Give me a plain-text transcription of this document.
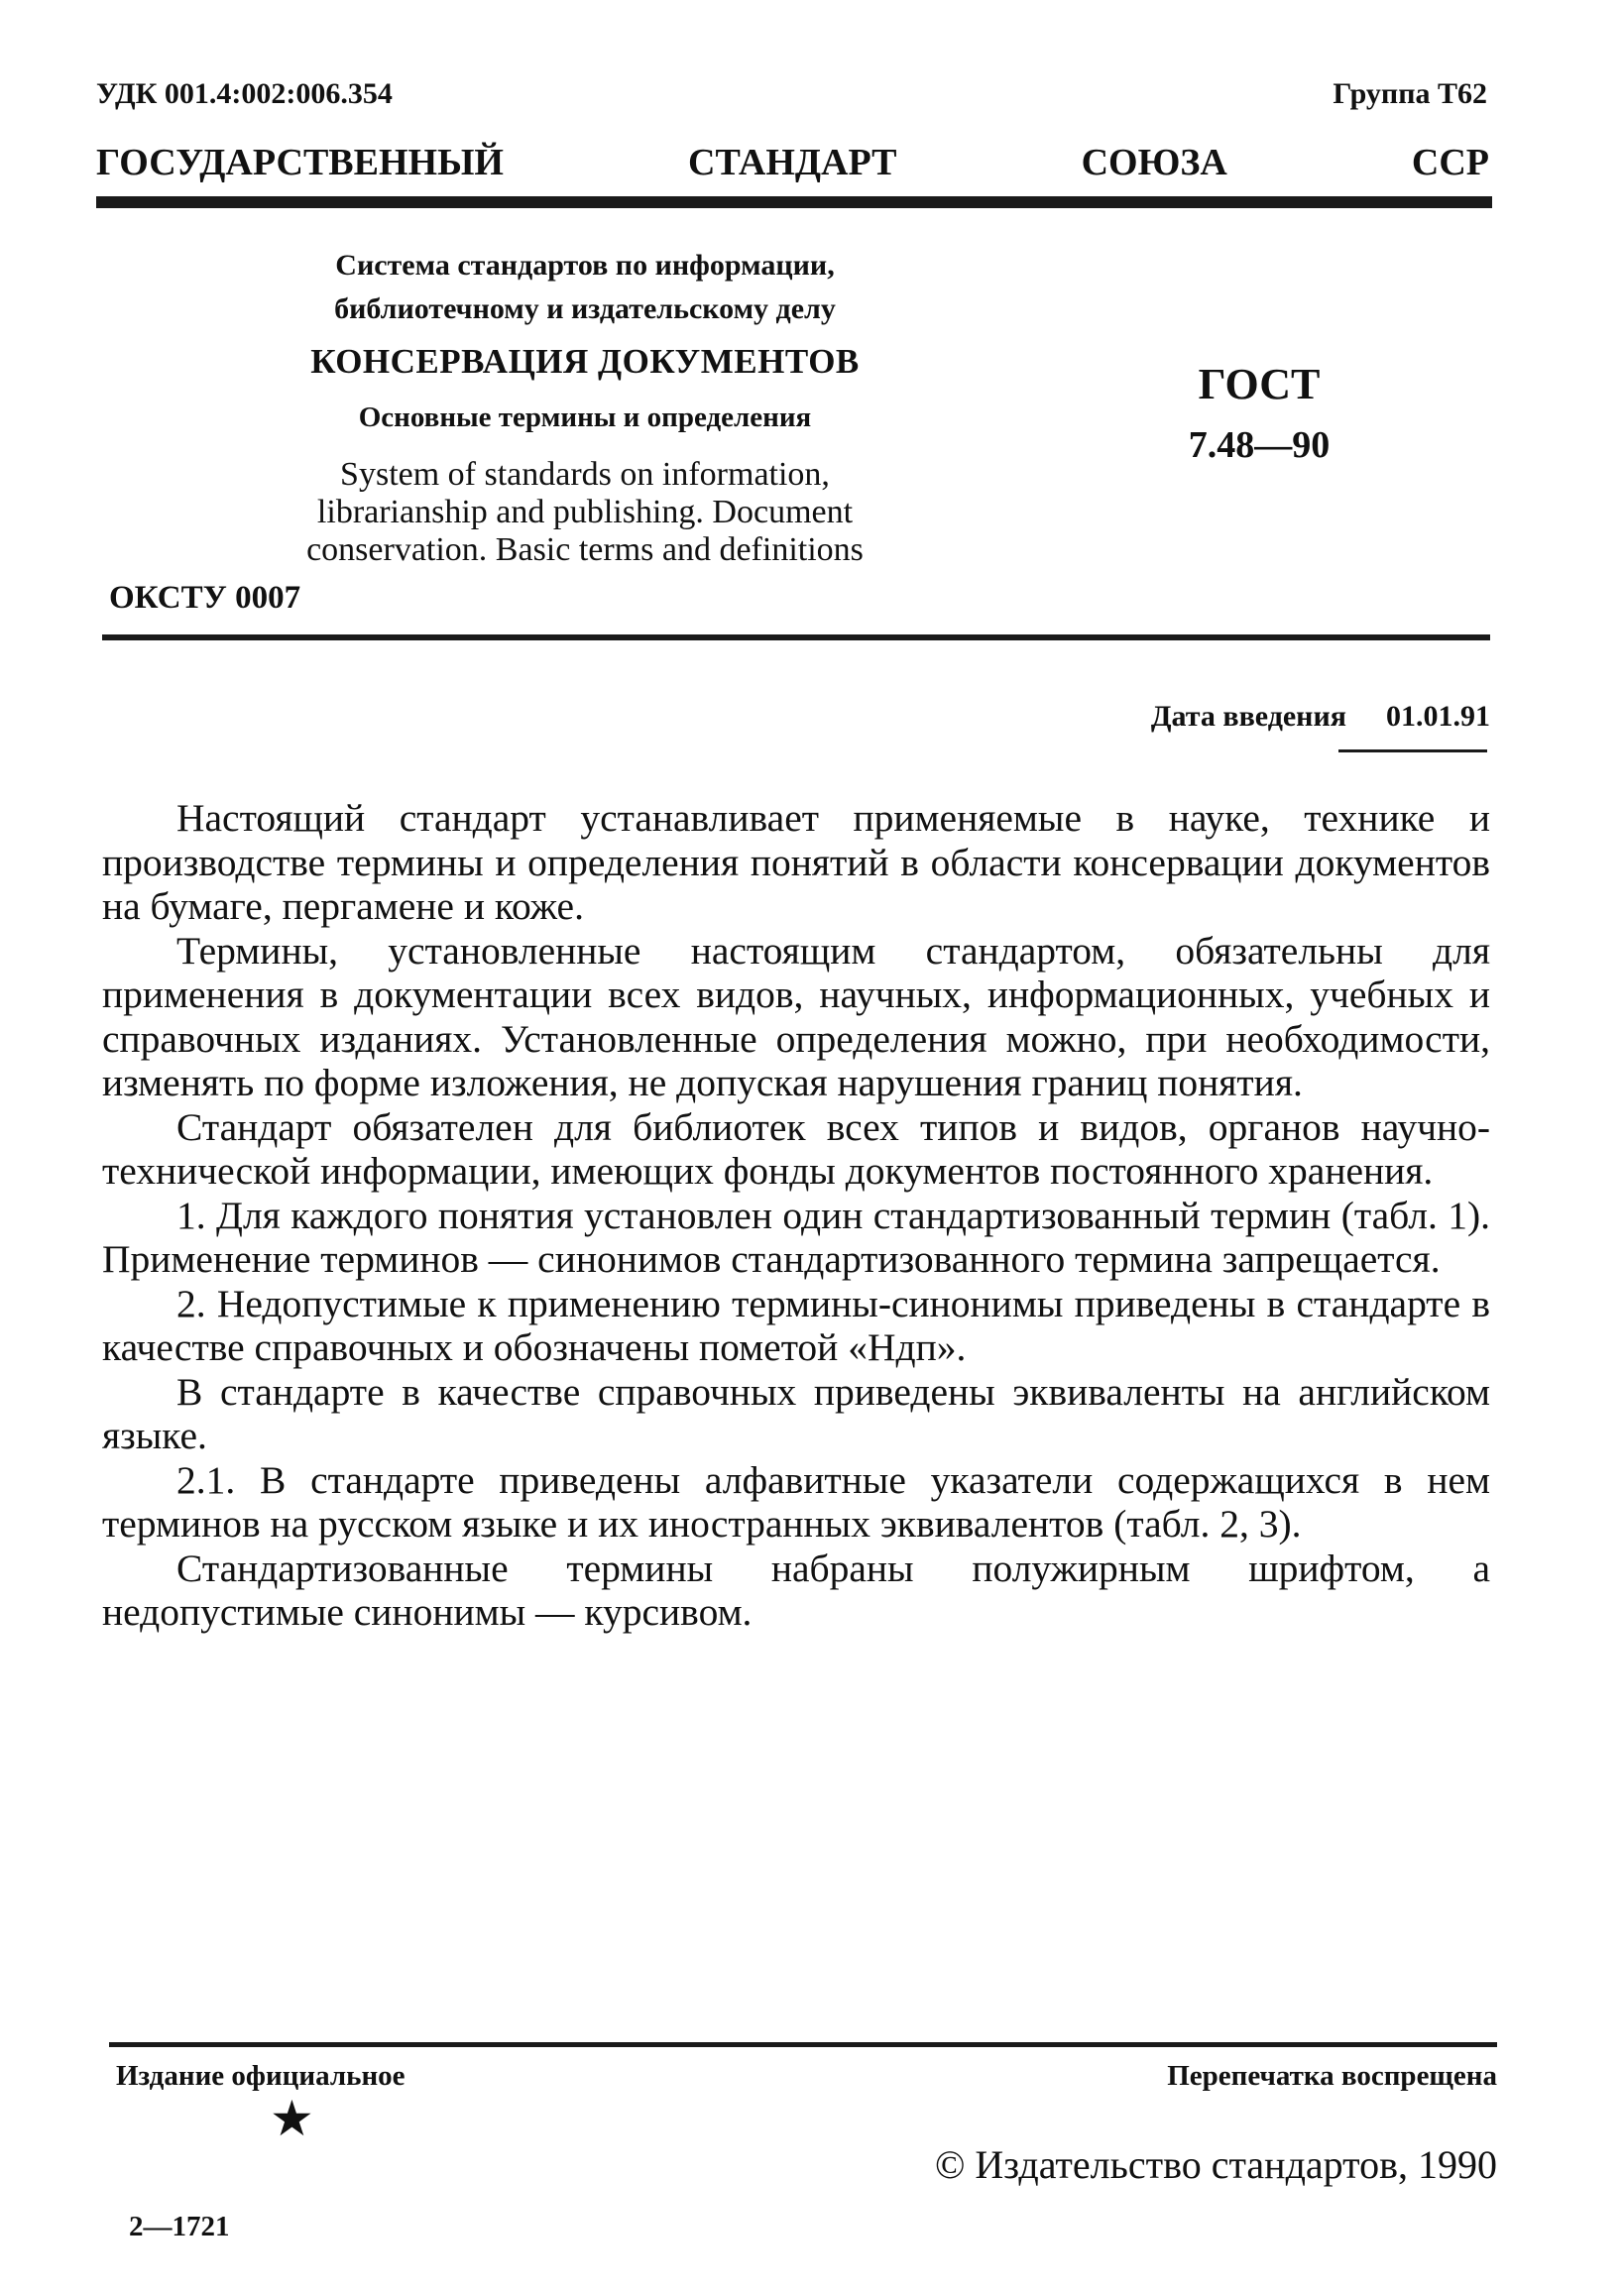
УДК 001.4:002:006.354	Группа Т62
ГОСУДАРСТВЕННЫЙ СТАНДАРТ СОЮЗА ССР
Система стандартов по информации,
библиотечному и издательскому делу
КОНСЕРВАЦИЯ ДОКУМЕНТОВ
Основные термины и определения
System of standards on information,
librarianship and publishing. Document
conservation. Basic terms and definitions
ГОСТ
7.48—90
ОКСТУ 0007
Дата введения 01.01.91

Настоящий стандарт устанавливает применяемые в науке, технике и производстве термины и определения понятий в области консервации документов на бумаге, пергамене и коже.

Термины, установленные настоящим стандартом, обязательны для применения в документации всех видов, научных, информационных, учебных и справочных изданиях. Установленные определения можно, при необходимости, изменять по форме изложения, не допуская нарушения границ понятия.

Стандарт обязателен для библиотек всех типов и видов, органов научно-технической информации, имеющих фонды документов постоянного хранения.

1. Для каждого понятия установлен один стандартизованный термин (табл. 1). Применение терминов — синонимов стандартизованного термина запрещается.

2. Недопустимые к применению термины-синонимы приведены в стандарте в качестве справочных и обозначены пометой «Ндп».

В стандарте в качестве справочных приведены эквиваленты на английском языке.

2.1. В стандарте приведены алфавитные указатели содержащихся в нем терминов на русском языке и их иностранных эквивалентов (табл. 2, 3).

Стандартизованные термины набраны полужирным шрифтом, а недопустимые синонимы — курсивом.

Издание официальное	Перепечатка воспрещена
★
© Издательство стандартов, 1990
2—1721
